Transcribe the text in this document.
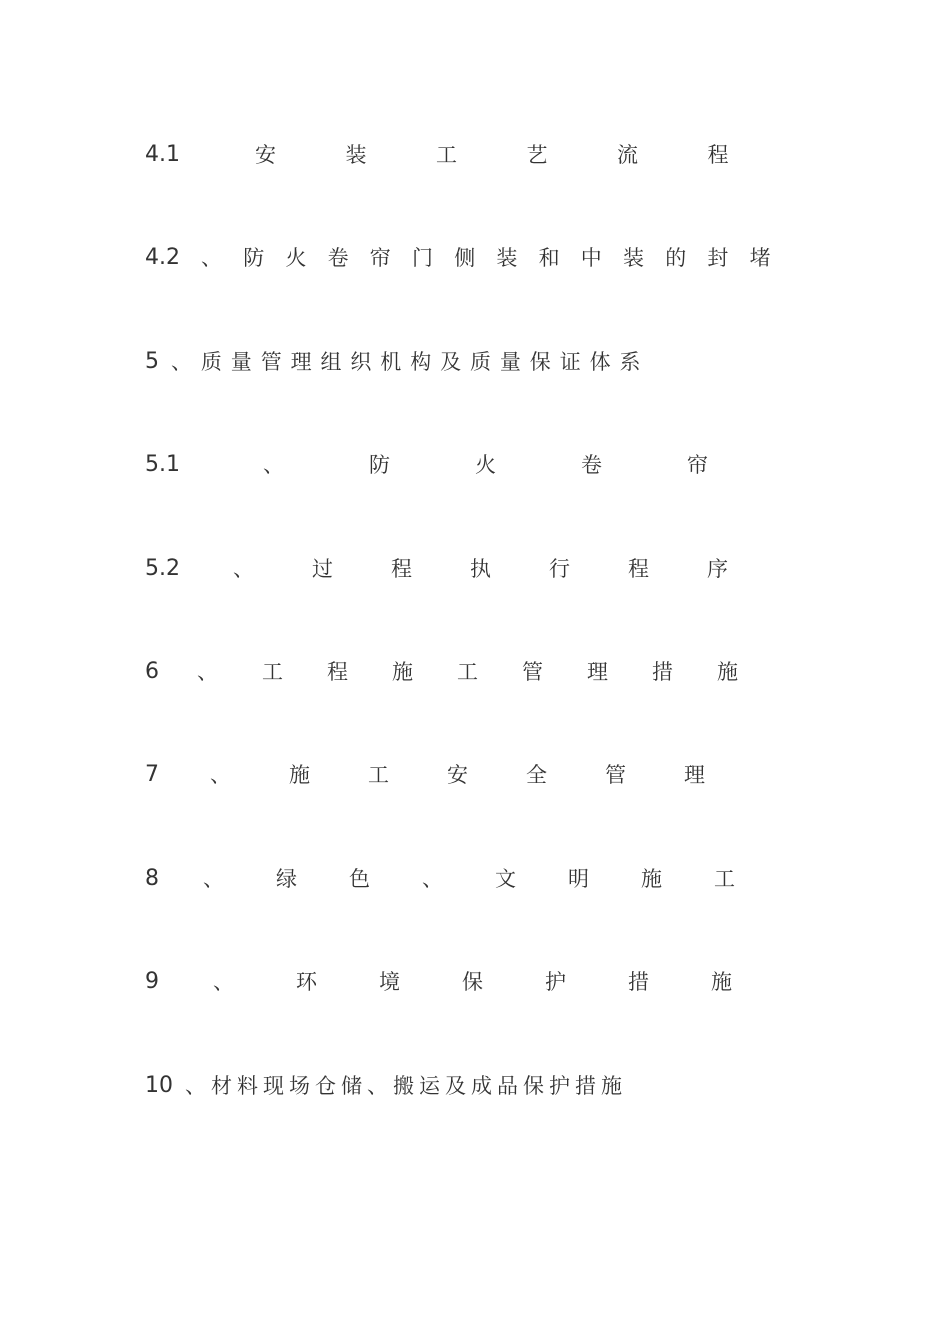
4.1	安装工艺流程
4.2 、防火卷帘门侧装和中装的封堵
5 、质量管理组织机构及质量保证体系
5.1	、防火卷帘
5.2	、过程执行程序
6 、工程施工管理措施
7 、施工安全管理
8 、绿色、文明施工
9	、环境保护措施
10 、材料现场仓储、搬运及成品保护措施
